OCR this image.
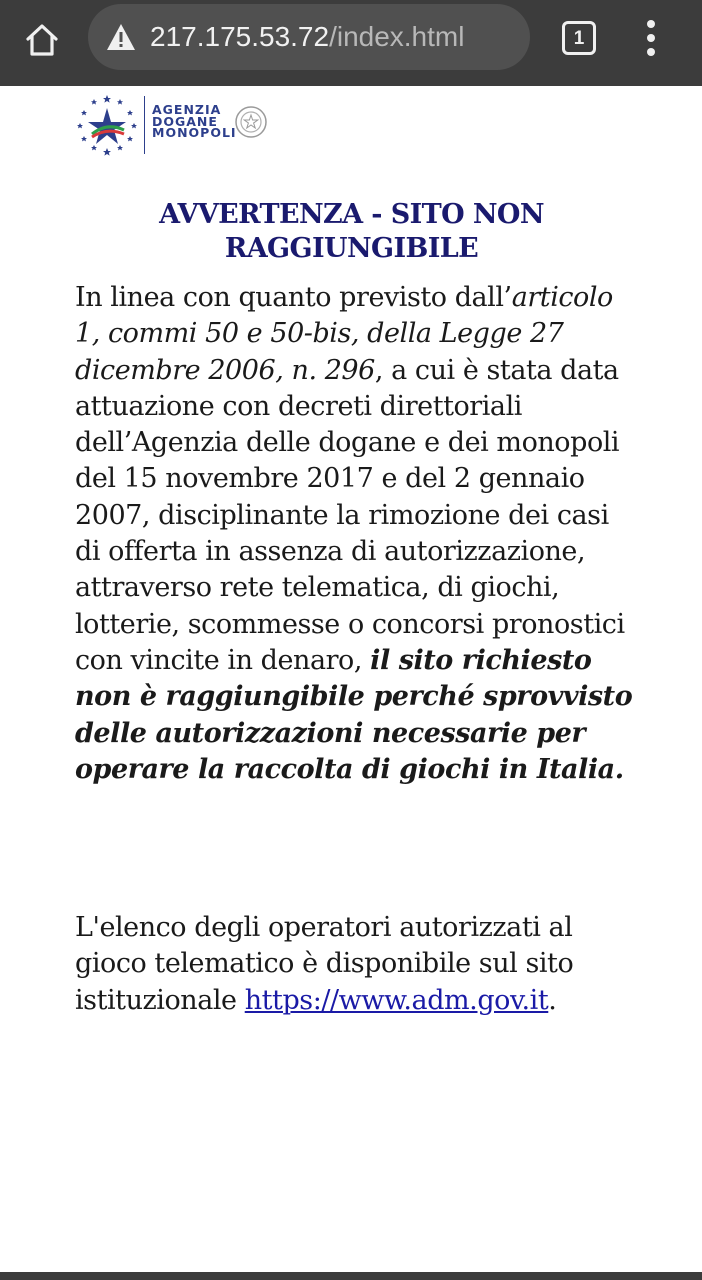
217.175.53.72/index.html	1
AGENZIA
DOGANE
MONOPOLI
AVVERTENZA - SITO NON RAGGIUNGIBILE

In linea con quanto previsto dall’articolo 1, commi 50 e 50-bis, della Legge 27 dicembre 2006, n. 296, a cui è stata data attuazione con decreti direttoriali dell’Agenzia delle dogane e dei monopoli del 15 novembre 2017 e del 2 gennaio 2007, disciplinante la rimozione dei casi di offerta in assenza di autorizzazione, attraverso rete telematica, di giochi, lotterie, scommesse o concorsi pronostici con vincite in denaro, il sito richiesto non è raggiungibile perché sprovvisto delle autorizzazioni necessarie per operare la raccolta di giochi in Italia.

L'elenco degli operatori autorizzati al gioco telematico è disponibile sul sito istituzionale https://www.adm.gov.it.
